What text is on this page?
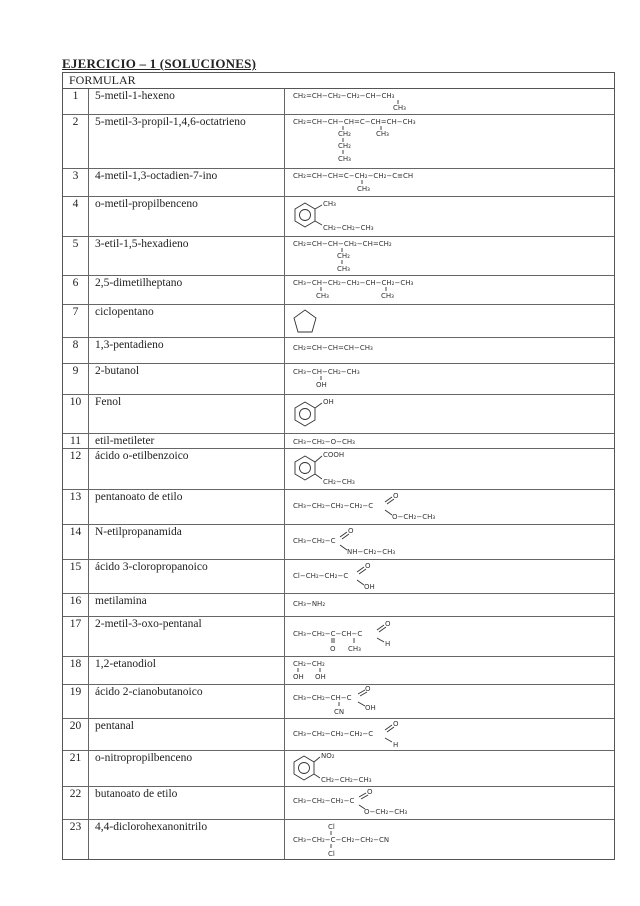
EJERCICIO – 1 (SOLUCIONES)
FORMULAR
1	5-metil-1-hexeno	CH₂=CH−CH₂−CH₂−CH−CH₃
CH₃
2	5-metil-3-propil-1,4,6-octatrieno	CH₂=CH−CH−CH=C−CH=CH−CH₃
CH₂	CH₃
CH₂
CH₃
3	4-metil-1,3-octadien-7-ino	CH₂=CH−CH=C−CH₂−CH₂−C≡CH
CH₃
4	o-metil-propilbenceno	CH₃
CH₂−CH₂−CH₃
5	3-etil-1,5-hexadieno	CH₂=CH−CH−CH₂−CH=CH₂
CH₂
CH₃
6	2,5-dimetilheptano	CH₃−CH−CH₂−CH₂−CH−CH₂−CH₃
CH₃	CH₃
7	ciclopentano
8	1,3-pentadieno	CH₂=CH−CH=CH−CH₃
9	2-butanol	CH₃−CH−CH₂−CH₃
OH
10	Fenol	OH
11	etil-metileter	CH₃−CH₂−O−CH₃
12	ácido o-etilbenzoico	COOH
CH₂−CH₃
13	pentanoato de etilo
CH₃−CH₂−CH₂−CH₂−C
O
O−CH₂−CH₃
14	N-etilpropanamida
CH₃−CH₂−C
O
NH−CH₂−CH₃
15	ácido 3-cloropropanoico
Cl−CH₂−CH₂−C
O
OH
16	metilamina	CH₃−NH₂
17	2-metil-3-oxo-pentanal
CH₃−CH₂−C−CH−C
O
H
O CH₃
18	1,2-etanodiol	CH₂−CH₂
OH OH
19	ácido 2-cianobutanoico	CH₃−CH₂−CH−C
O
OH
CN
20	pentanal
CH₃−CH₂−CH₂−CH₂−C
O
H
21	o-nitropropilbenceno	NO₂
CH₂−CH₂−CH₃
22	butanoato de etilo
CH₃−CH₂−CH₂−C
O
O−CH₂−CH₃
23	4,4-diclorohexanonitrilo	Cl
CH₃−CH₂−C−CH₂−CH₂−CN
Cl
